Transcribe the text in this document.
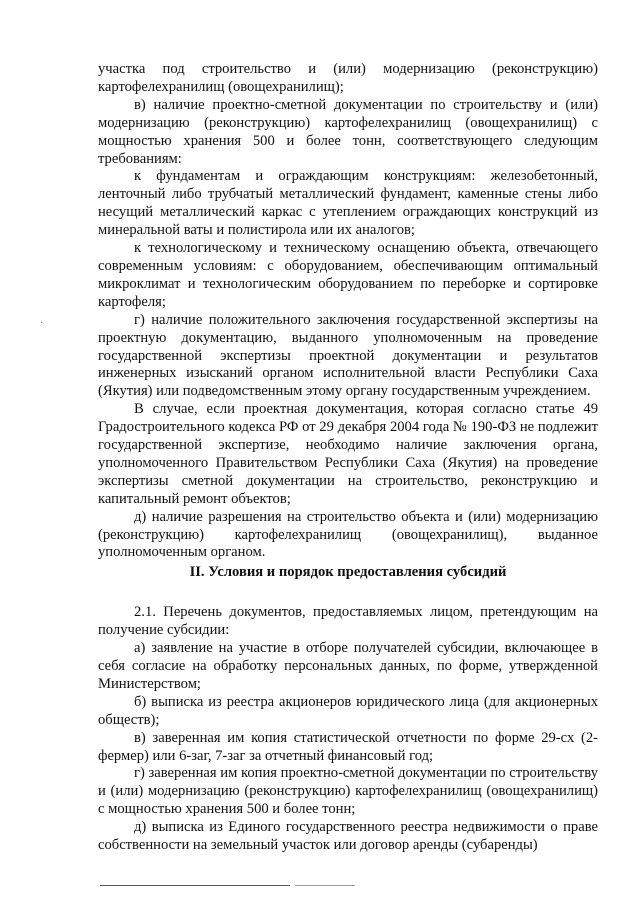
·

участка под строительство и (или) модернизацию (реконструкцию) картофелехранилищ (овощехранилищ);

в) наличие проектно-сметной документации по строительству и (или) модернизацию (реконструкцию) картофелехранилищ (овощехранилищ) с мощностью хранения 500 и более тонн, соответствующего следующим требованиям:

к фундаментам и ограждающим конструкциям: железобетонный, ленточный либо трубчатый металлический фундамент, каменные стены либо несущий металлический каркас с утеплением ограждающих конструкций из минеральной ваты и полистирола или их аналогов;

к технологическому и техническому оснащению объекта, отвечающего современным условиям: с оборудованием, обеспечивающим оптимальный микроклимат и технологическим оборудованием по переборке и сортировке картофеля;

г) наличие положительного заключения государственной экспертизы на проектную документацию, выданного уполномоченным на проведение государственной экспертизы проектной документации и результатов инженерных изысканий органом исполнительной власти Республики Саха (Якутия) или подведомственным этому органу государственным учреждением.

В случае, если проектная документация, которая согласно статье 49 Градостроительного кодекса РФ от 29 декабря 2004 года № 190-ФЗ не подлежит государственной экспертизе, необходимо наличие заключения органа, уполномоченного Правительством Республики Саха (Якутия) на проведение экспертизы сметной документации на строительство, реконструкцию и капитальный ремонт объектов;

д) наличие разрешения на строительство объекта и (или) модернизацию (реконструкцию) картофелехранилищ (овощехранилищ), выданное уполномоченным органом.

II. Условия и порядок предоставления субсидий

2.1. Перечень документов, предоставляемых лицом, претендующим на получение субсидии:

а) заявление на участие в отборе получателей субсидии, включающее в себя согласие на обработку персональных данных, по форме, утвержденной Министерством;

б) выписка из реестра акционеров юридического лица (для акционерных обществ);

в) заверенная им копия статистической отчетности по форме 29-сх (2-фермер) или 6-заг, 7-заг за отчетный финансовый год;

г) заверенная им копия проектно-сметной документации по строительству и (или) модернизацию (реконструкцию) картофелехранилищ (овощехранилищ) с мощностью хранения 500 и более тонн;

д) выписка из Единого государственного реестра недвижимости о праве собственности на земельный участок или договор аренды (субаренды)
